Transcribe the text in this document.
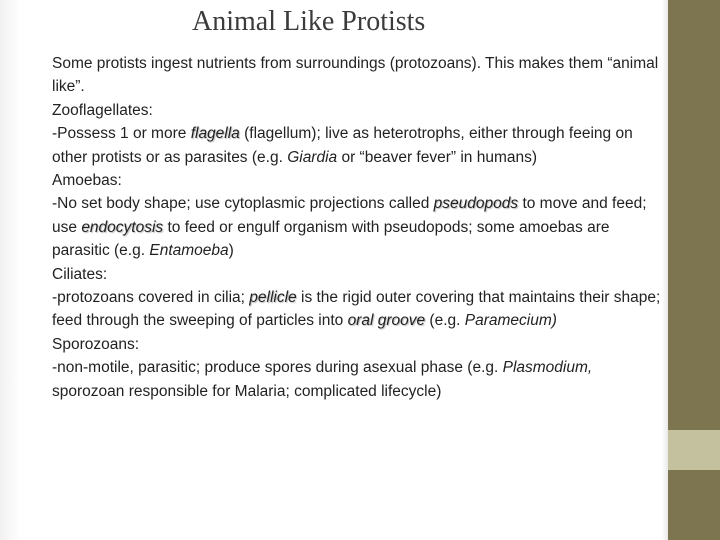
Animal Like Protists

Some protists ingest nutrients from surroundings (protozoans). This makes them “animal like”.

Zooflagellates:

-Possess 1 or more flagella (flagellum); live as heterotrophs, either through feeing on other protists or as parasites (e.g. Giardia or “beaver fever” in humans)

Amoebas:

-No set body shape; use cytoplasmic projections called pseudopods to move and feed; use endocytosis to feed or engulf organism with pseudopods; some amoebas are parasitic (e.g. Entamoeba)

Ciliates:

-protozoans covered in cilia; pellicle is the rigid outer covering that maintains their shape; feed through the sweeping of particles into oral groove (e.g. Paramecium)

Sporozoans:

-non-motile, parasitic; produce spores during asexual phase (e.g. Plasmodium, sporozoan responsible for Malaria; complicated lifecycle)
